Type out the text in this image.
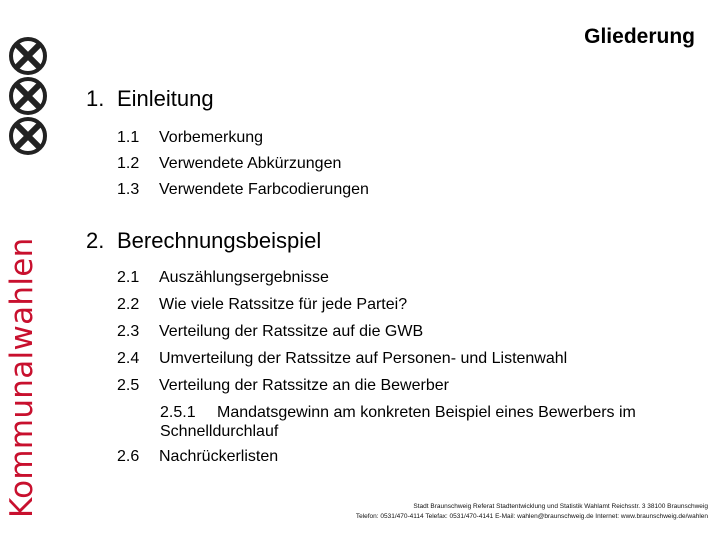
Kommunalwahlen
Gliederung
1. Einleitung
1.1 Vorbemerkung
1.2 Verwendete Abkürzungen
1.3 Verwendete Farbcodierungen
2. Berechnungsbeispiel
2.1 Auszählungsergebnisse
2.2 Wie viele Ratssitze für jede Partei?
2.3 Verteilung der Ratssitze auf die GWB
2.4 Umverteilung der Ratssitze auf Personen- und Listenwahl
2.5 Verteilung der Ratssitze an die Bewerber
2.5.1 Mandatsgewinn am konkreten Beispiel eines Bewerbers im Schnelldurchlauf
2.6 Nachrückerlisten
Stadt Braunschweig Referat Stadtentwicklung und Statistik Wahlamt Reichsstr. 3 38100 Braunschweig
Telefon: 0531/470-4114 Telefax: 0531/470-4141 E-Mail: wahlen@braunschweig.de Internet: www.braunschweig.de/wahlen
